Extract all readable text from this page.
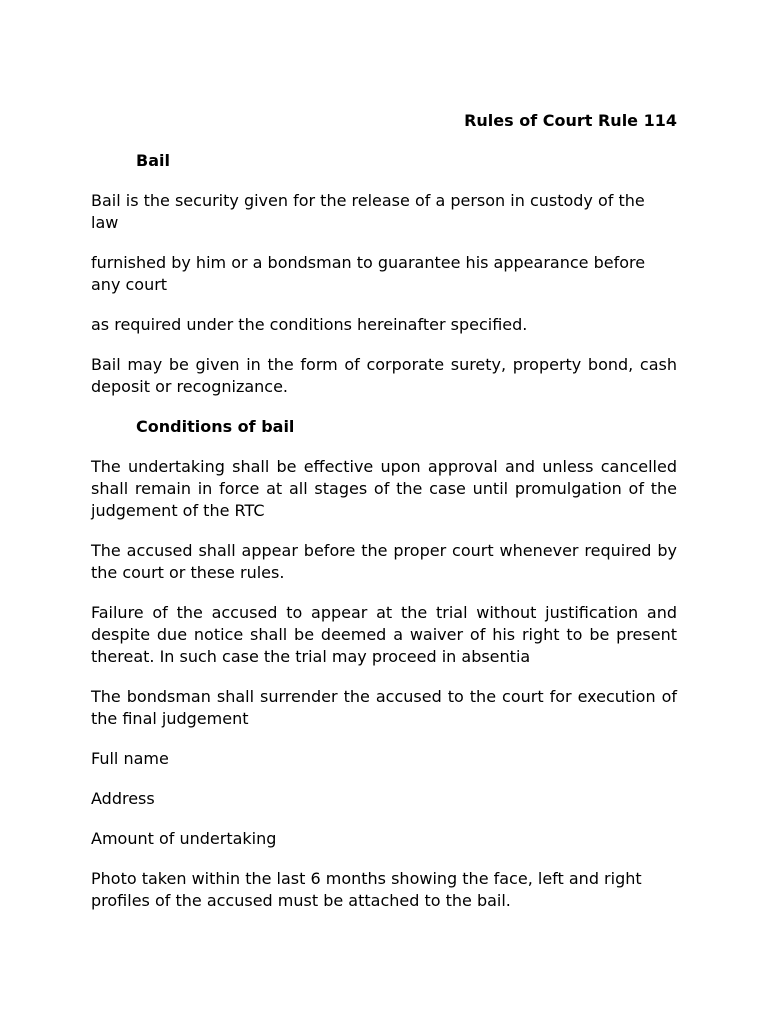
Rules of Court Rule 114
Bail

Bail is the security given for the release of a person in custody of the law

furnished by him or a bondsman to guarantee his appearance before any court

as required under the conditions hereinafter specified.

Bail may be given in the form of corporate surety, property bond, cash deposit or recognizance.

Conditions of bail

The undertaking shall be effective upon approval and unless cancelled shall remain in force at all stages of the case until promulgation of the judgement of the RTC

The accused shall appear before the proper court whenever required by the court or these rules.

Failure of the accused to appear at the trial without justification and despite due notice shall be deemed a waiver of his right to be present thereat. In such case the trial may proceed in absentia

The bondsman shall surrender the accused to the court for execution of the final judgement

Full name

Address

Amount of undertaking

Photo taken within the last 6 months showing the face, left and right profiles of the accused must be attached to the bail.
